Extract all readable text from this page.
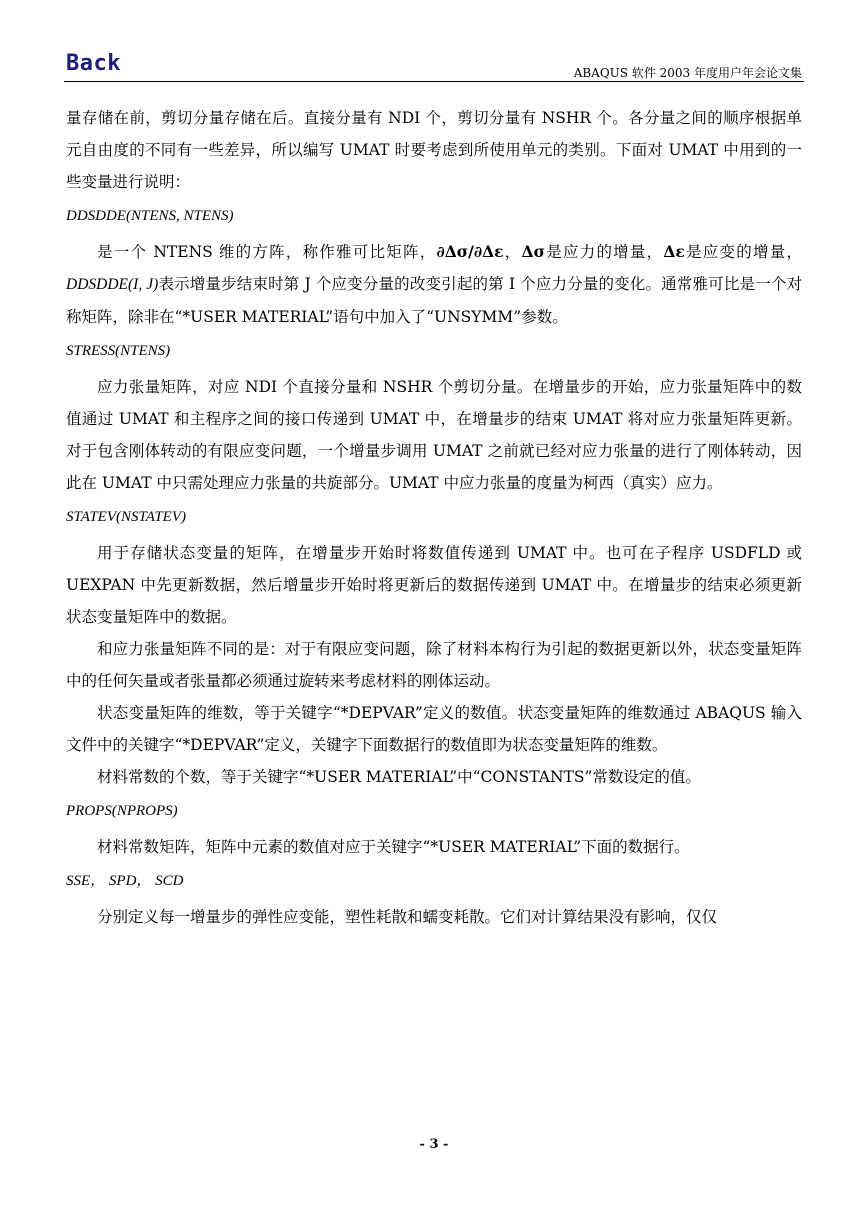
Back	ABAQUS 软件 2003 年度用户年会论文集

量存储在前，剪切分量存储在后。直接分量有 NDI 个，剪切分量有 NSHR 个。各分量之间的顺序根据单元自由度的不同有一些差异，所以编写 UMAT 时要考虑到所使用单元的类别。下面对 UMAT 中用到的一些变量进行说明：

DDSDDE(NTENS, NTENS)

是一个 NTENS 维的方阵，称作雅可比矩阵，∂Δσ/∂Δε，Δσ是应力的增量，Δε是应变的增量，DDSDDE(I, J)表示增量步结束时第 J 个应变分量的改变引起的第 I 个应力分量的变化。通常雅可比是一个对称矩阵，除非在“*USER MATERIAL”语句中加入了“UNSYMM”参数。

STRESS(NTENS)

应力张量矩阵，对应 NDI 个直接分量和 NSHR 个剪切分量。在增量步的开始，应力张量矩阵中的数值通过 UMAT 和主程序之间的接口传递到 UMAT 中，在增量步的结束 UMAT 将对应力张量矩阵更新。对于包含刚体转动的有限应变问题，一个增量步调用 UMAT 之前就已经对应力张量的进行了刚体转动，因此在 UMAT 中只需处理应力张量的共旋部分。UMAT 中应力张量的度量为柯西（真实）应力。

STATEV(NSTATEV)

用于存储状态变量的矩阵，在增量步开始时将数值传递到 UMAT 中。也可在子程序 USDFLD 或 UEXPAN 中先更新数据，然后增量步开始时将更新后的数据传递到 UMAT 中。在增量步的结束必须更新状态变量矩阵中的数据。

和应力张量矩阵不同的是：对于有限应变问题，除了材料本构行为引起的数据更新以外，状态变量矩阵中的任何矢量或者张量都必须通过旋转来考虑材料的刚体运动。

状态变量矩阵的维数，等于关键字“*DEPVAR”定义的数值。状态变量矩阵的维数通过 ABAQUS 输入文件中的关键字“*DEPVAR”定义，关键字下面数据行的数值即为状态变量矩阵的维数。

材料常数的个数，等于关键字“*USER MATERIAL”中“CONSTANTS”常数设定的值。

PROPS(NPROPS)

材料常数矩阵，矩阵中元素的数值对应于关键字“*USER MATERIAL”下面的数据行。

SSE， SPD， SCD

分别定义每一增量步的弹性应变能，塑性耗散和蠕变耗散。它们对计算结果没有影响，仅仅

- 3 -
